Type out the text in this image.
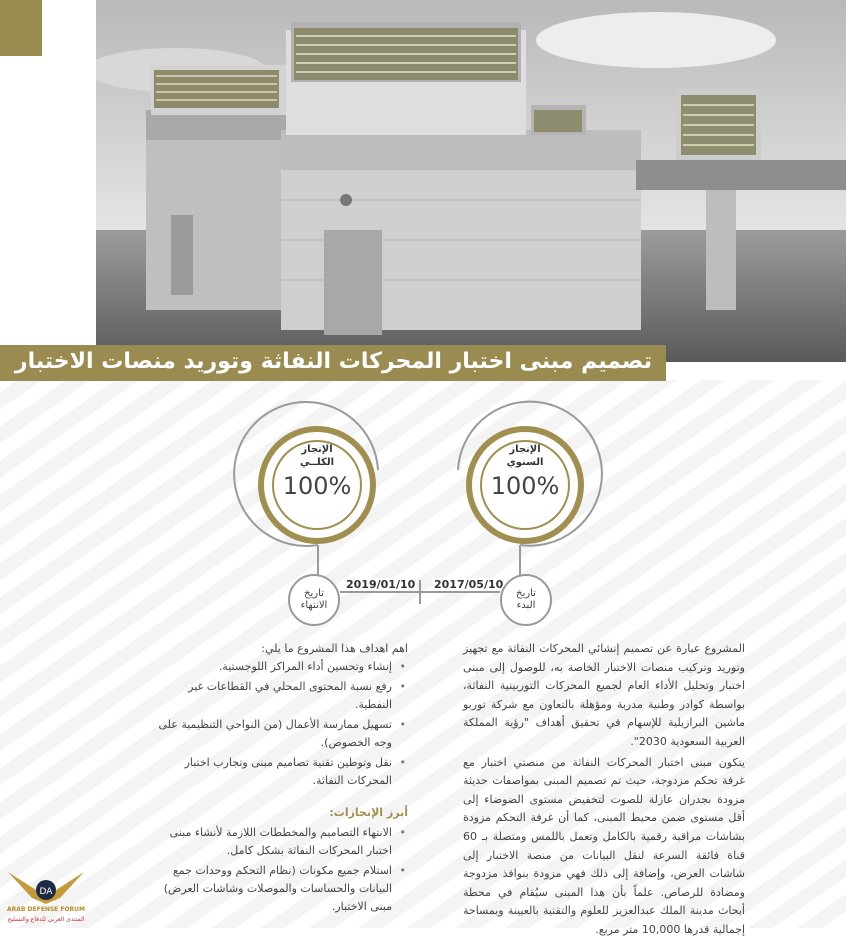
تصميم مبنى اختبار المحركات النفاثة وتوريد منصات الاختبار
الإنجاز
الكلــي
100%
الإنجاز
السنوي
100%
2019/01/10 2017/05/10
تاريخ
الانتهاء
تاريخ
البدء

المشروع عبارة عن تصميم إنشائي المحركات النفاثة مع تجهيز وتوريد وتركيب منصات الاختبار الخاصة به، للوصول إلى مبنى اختبار وتحليل الأداء العام لجميع المحركات التوربينية النفاثة، بواسطة كوادر وطنية مدربة ومؤهلة بالتعاون مع شركة توربو ماشين البرازيلية للإسهام في تحقيق أهداف "رؤية المملكة العربية السعودية 2030".

يتكون مبنى اختبار المحركات النفاثة من منصتي اختبار مع غرفة تحكم مزدوجة، حيث تم تصميم المبنى بمواصفات حديثة مزودة بجدران عازلة للصوت لتخفيض مستوى الضوضاء إلى أقل مستوى ضمن محيط المبنى، كما أن غرفة التحكم مزودة بشاشات مراقبة رقمية بالكامل وتعمل باللمس ومتصلة بـ 60 قناة فائقة السرعة لنقل البيانات من منصة الاختبار إلى شاشات العرض، وإضافة إلى ذلك فهي مزودة بنوافذ مزدوجة ومضادة للرصاص. علماً بأن هذا المبنى سيُقام في محطة أبحاث مدينة الملك عبدالعزيز للعلوم والتقنية بالعيينة وبمساحة إجمالية قدرها 10,000 متر مربع.

اهم اهداف هذا المشروع ما يلي:

• إنشاء وتحسين أداء المراكز اللوجستية.
• رفع نسبة المحتوى المحلي في القطاعات غير النفطية.
• تسهيل ممارسة الأعمال (من النواحي التنظيمية على وجه الخصوص).
• نقل وتوطين تقنية تصاميم مبنى وتجارب اختبار المحركات النفاثة.
أبرز الإنجازات:
• الانتهاء التصاميم والمخططات اللازمة لأنشاء مبنى اختبار المحركات النفاثة بشكل كامل.
• استلام جميع مكونات (نظام التحكم ووحدات جمع البيانات والحساسات والموصلات وشاشات العرض) مبنى الاختبار.
DA
ARAB DEFENSE FORUM
المنتدى العربي للدفاع والتسليح
